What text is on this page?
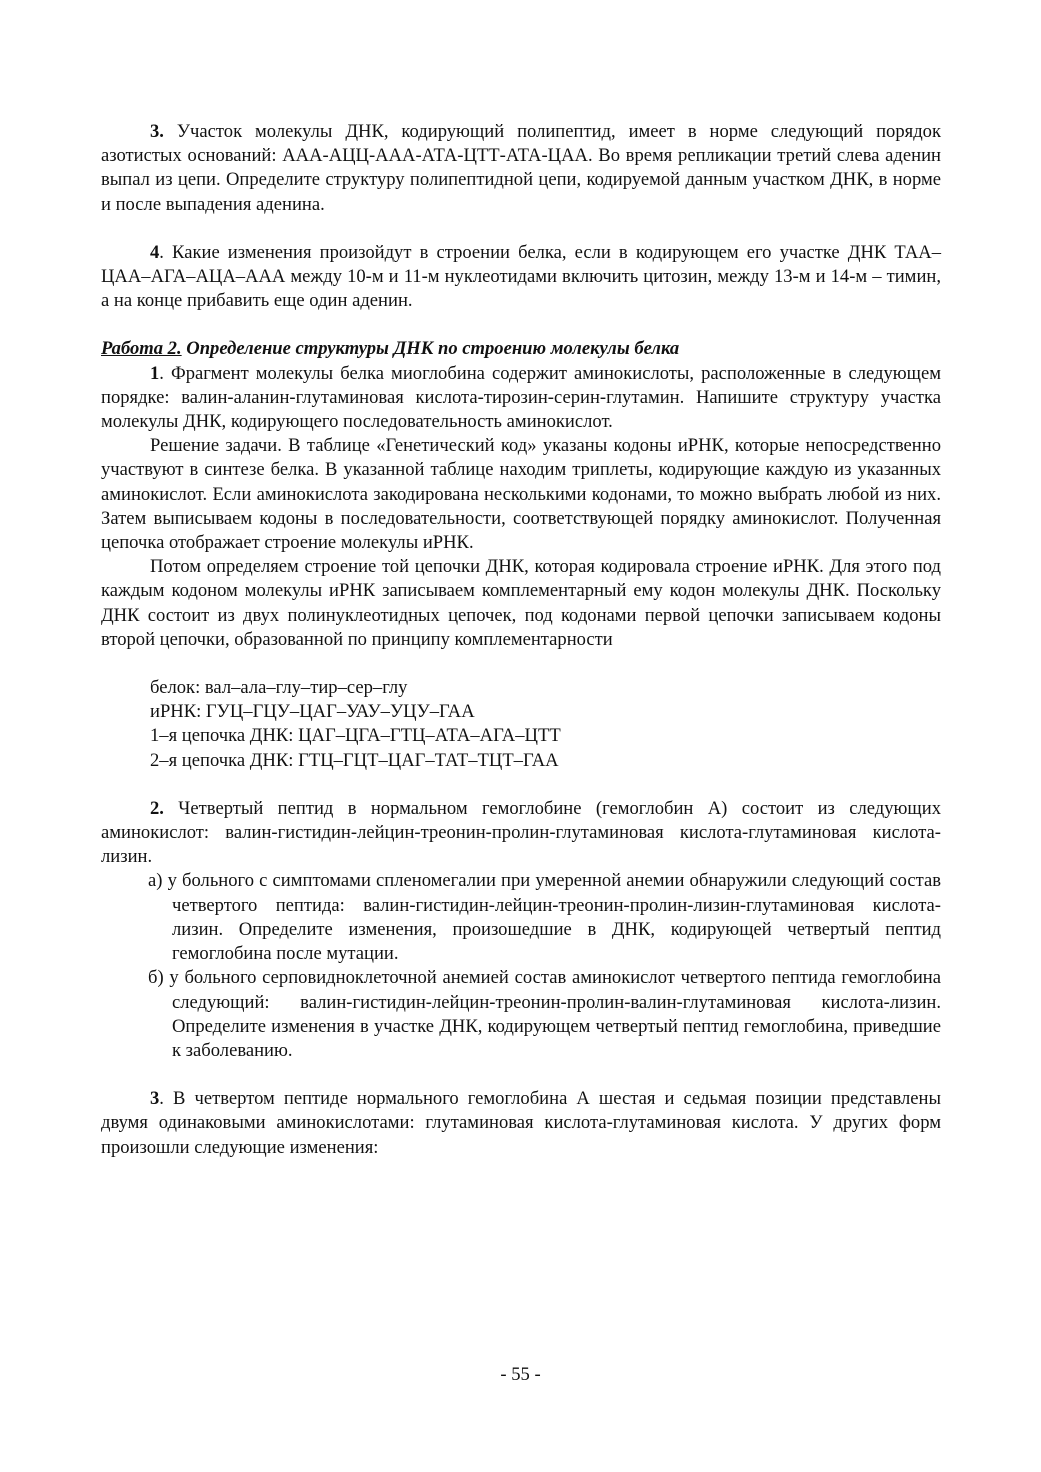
3. Участок молекулы ДНК, кодирующий полипептид, имеет в норме следующий порядок азотистых оснований: ААА-АЦЦ-ААА-АТА-ЦТТ-АТА-ЦАА. Во время репликации третий слева аденин выпал из цепи. Определите структуру полипептидной цепи, кодируемой данным участком ДНК, в норме и после выпадения аденина.

4. Какие изменения произойдут в строении белка, если в кодирующем его участке ДНК ТАА–ЦАА–АГА–АЦА–ААА между 10-м и 11-м нуклеотидами включить цитозин, между 13-м и 14-м – тимин, а на конце прибавить еще один аденин.

Работа 2. Определение структуры ДНК по строению молекулы белка

1. Фрагмент молекулы белка миоглобина содержит аминокислоты, расположенные в следующем порядке: валин-аланин-глутаминовая кислота-тирозин-серин-глутамин. Напишите структуру участка молекулы ДНК, кодирующего последовательность аминокислот.

Решение задачи. В таблице «Генетический код» указаны кодоны иРНК, которые непосредственно участвуют в синтезе белка. В указанной таблице находим триплеты, кодирующие каждую из указанных аминокислот. Если аминокислота закодирована несколькими кодонами, то можно выбрать любой из них. Затем выписываем кодоны в последовательности, соответствующей порядку аминокислот. Полученная цепочка отображает строение молекулы иРНК.

Потом определяем строение той цепочки ДНК, которая кодировала строение иРНК. Для этого под каждым кодоном молекулы иРНК записываем комплементарный ему кодон молекулы ДНК. Поскольку ДНК состоит из двух полинуклеотидных цепочек, под кодонами первой цепочки записываем кодоны второй цепочки, образованной по принципу комплементарности

белок: вал–ала–глу–тир–сер–глу
иРНК: ГУЦ–ГЦУ–ЦАГ–УАУ–УЦУ–ГАА
1–я цепочка ДНК: ЦАГ–ЦГА–ГТЦ–АТА–АГА–ЦТТ
2–я цепочка ДНК: ГТЦ–ГЦТ–ЦАГ–ТАТ–ТЦТ–ГАА

2. Четвертый пептид в нормальном гемоглобине (гемоглобин А) состоит из следующих аминокислот: валин-гистидин-лейцин-треонин-пролин-глутаминовая кислота-глутаминовая кислота-лизин.

а) у больного с симптомами спленомегалии при умеренной анемии обнаружили следующий состав четвертого пептида: валин-гистидин-лейцин-треонин-пролин-лизин-глутаминовая кислота-лизин. Определите изменения, произошедшие в ДНК, кодирующей четвертый пептид гемоглобина после мутации.

б) у больного серповидноклеточной анемией состав аминокислот четвертого пептида гемоглобина следующий: валин-гистидин-лейцин-треонин-пролин-валин-глутаминовая кислота-лизин. Определите изменения в участке ДНК, кодирующем четвертый пептид гемоглобина, приведшие к заболеванию.

3. В четвертом пептиде нормального гемоглобина А шестая и седьмая позиции представлены двумя одинаковыми аминокислотами: глутаминовая кислота-глутаминовая кислота. У других форм произошли следующие изменения:

- 55 -
